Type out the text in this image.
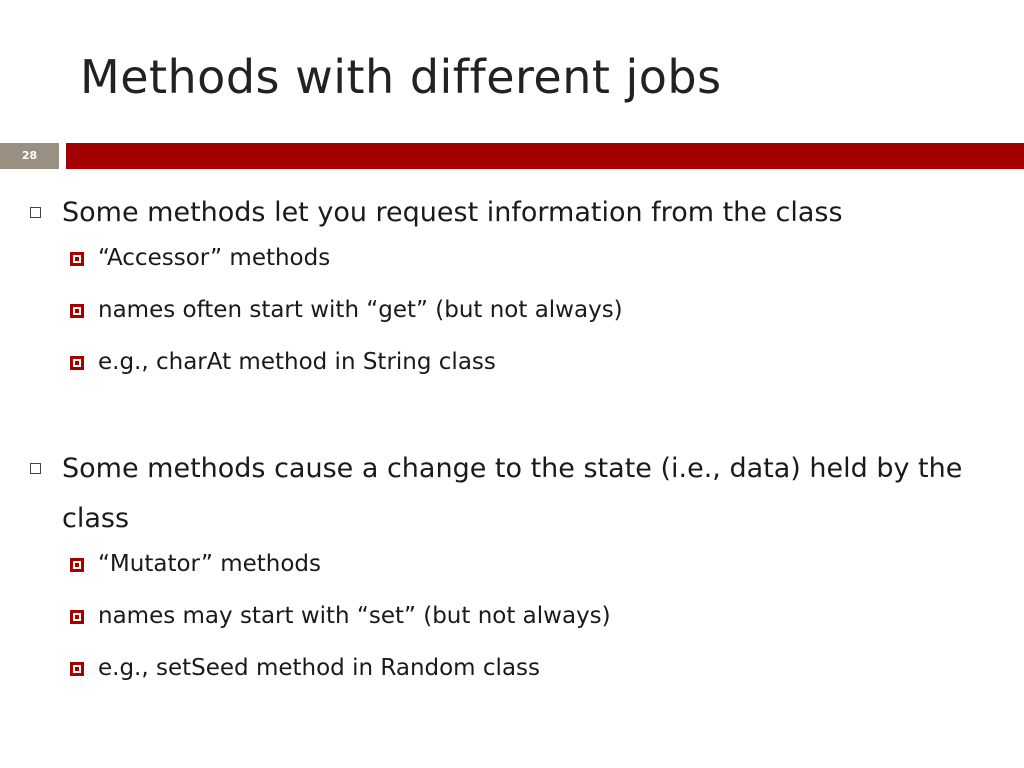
Methods with different jobs
28
Some methods let you request information from the class
“Accessor” methods
names often start with “get” (but not always)
e.g., charAt method in String class
Some methods cause a change to the state (i.e., data) held by the class
“Mutator” methods
names may start with “set” (but not always)
e.g., setSeed method in Random class
